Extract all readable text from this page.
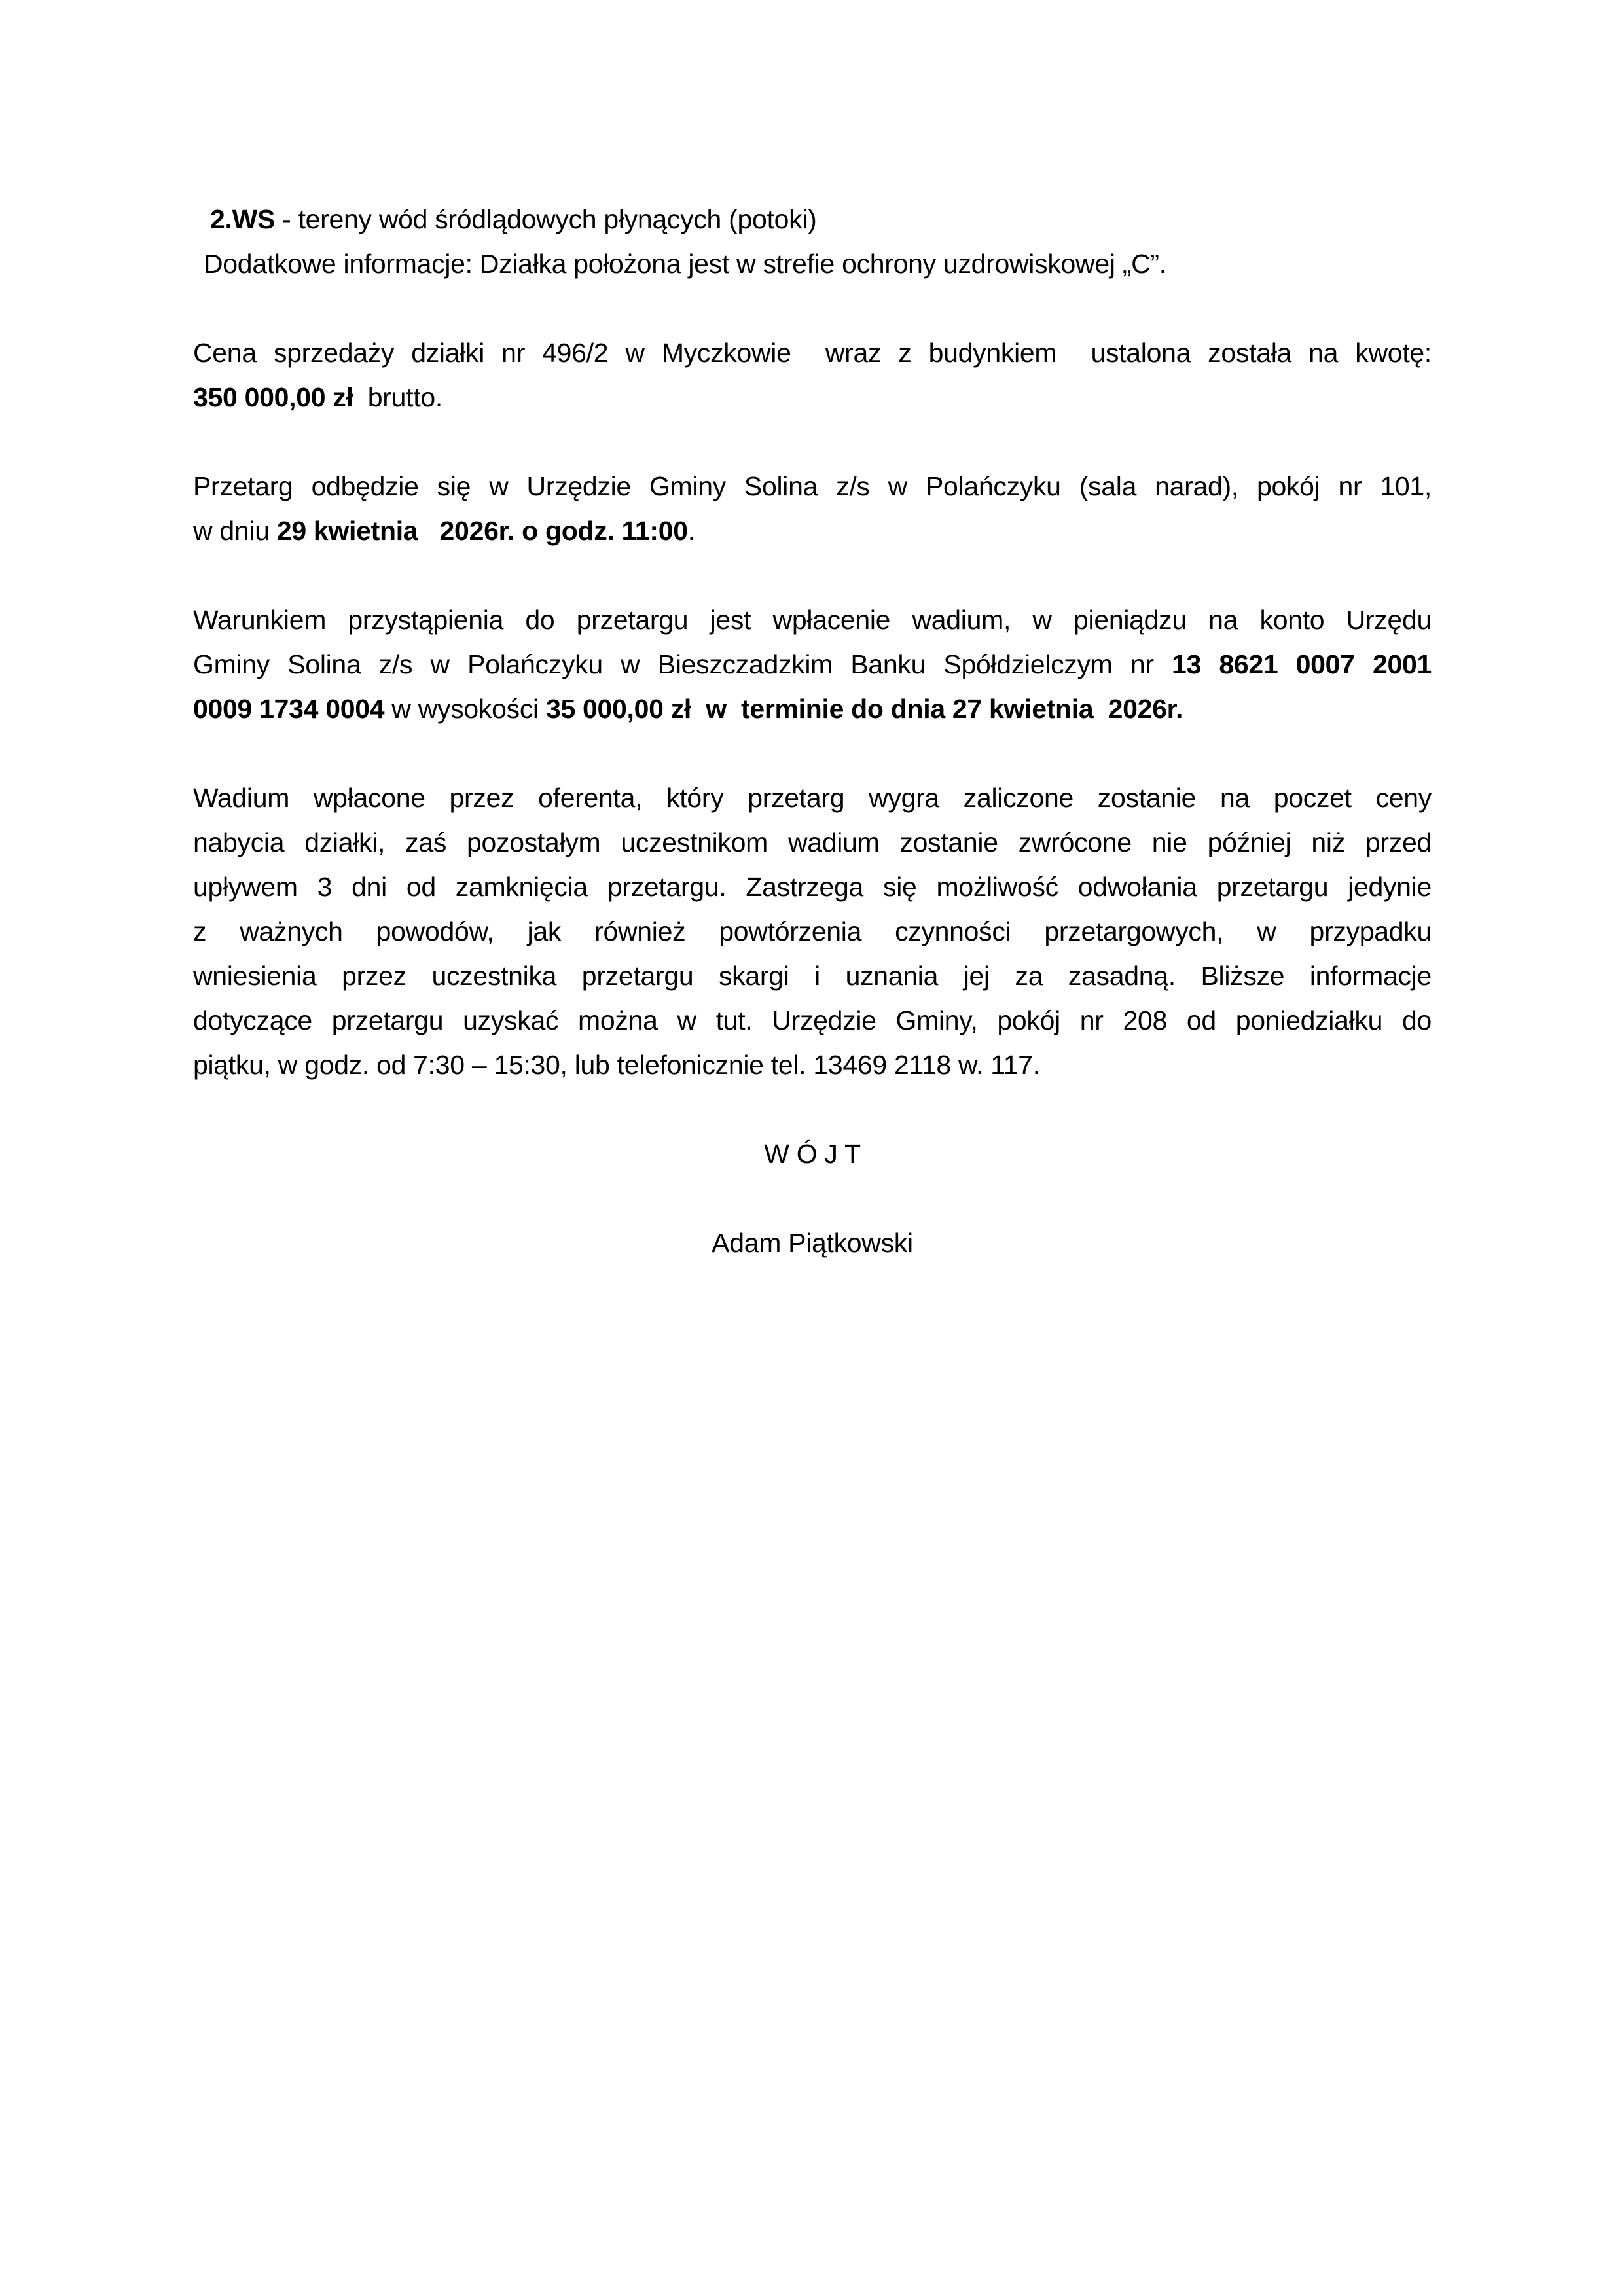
2.WS - tereny wód śródlądowych płynących (potoki)
Dodatkowe informacje: Działka położona jest w strefie ochrony uzdrowiskowej „C”.
Cena sprzedaży działki nr 496/2 w Myczkowie  wraz z budynkiem  ustalona została na kwotę:
350 000,00 zł  brutto.
Przetarg odbędzie się w Urzędzie Gminy Solina z/s w Polańczyku (sala narad), pokój nr 101,
w dniu 29 kwietnia   2026r. o godz. 11:00.
Warunkiem przystąpienia do przetargu jest wpłacenie wadium, w pieniądzu na konto Urzędu
Gminy Solina z/s w Polańczyku w Bieszczadzkim Banku Spółdzielczym nr 13 8621 0007 2001
0009 1734 0004 w wysokości 35 000,00 zł  w  terminie do dnia 27 kwietnia  2026r.
Wadium wpłacone przez oferenta, który przetarg wygra zaliczone zostanie na poczet ceny
nabycia działki, zaś pozostałym uczestnikom wadium zostanie zwrócone nie później niż przed
upływem 3 dni od zamknięcia przetargu. Zastrzega się możliwość odwołania przetargu jedynie
z ważnych powodów, jak również powtórzenia czynności przetargowych, w przypadku
wniesienia przez uczestnika przetargu skargi i uznania jej za zasadną. Bliższe informacje
dotyczące przetargu uzyskać można w tut. Urzędzie Gminy, pokój nr 208 od poniedziałku do
piątku, w godz. od 7:30 – 15:30, lub telefonicznie tel. 13469 2118 w. 117.
W Ó J T
Adam Piątkowski
